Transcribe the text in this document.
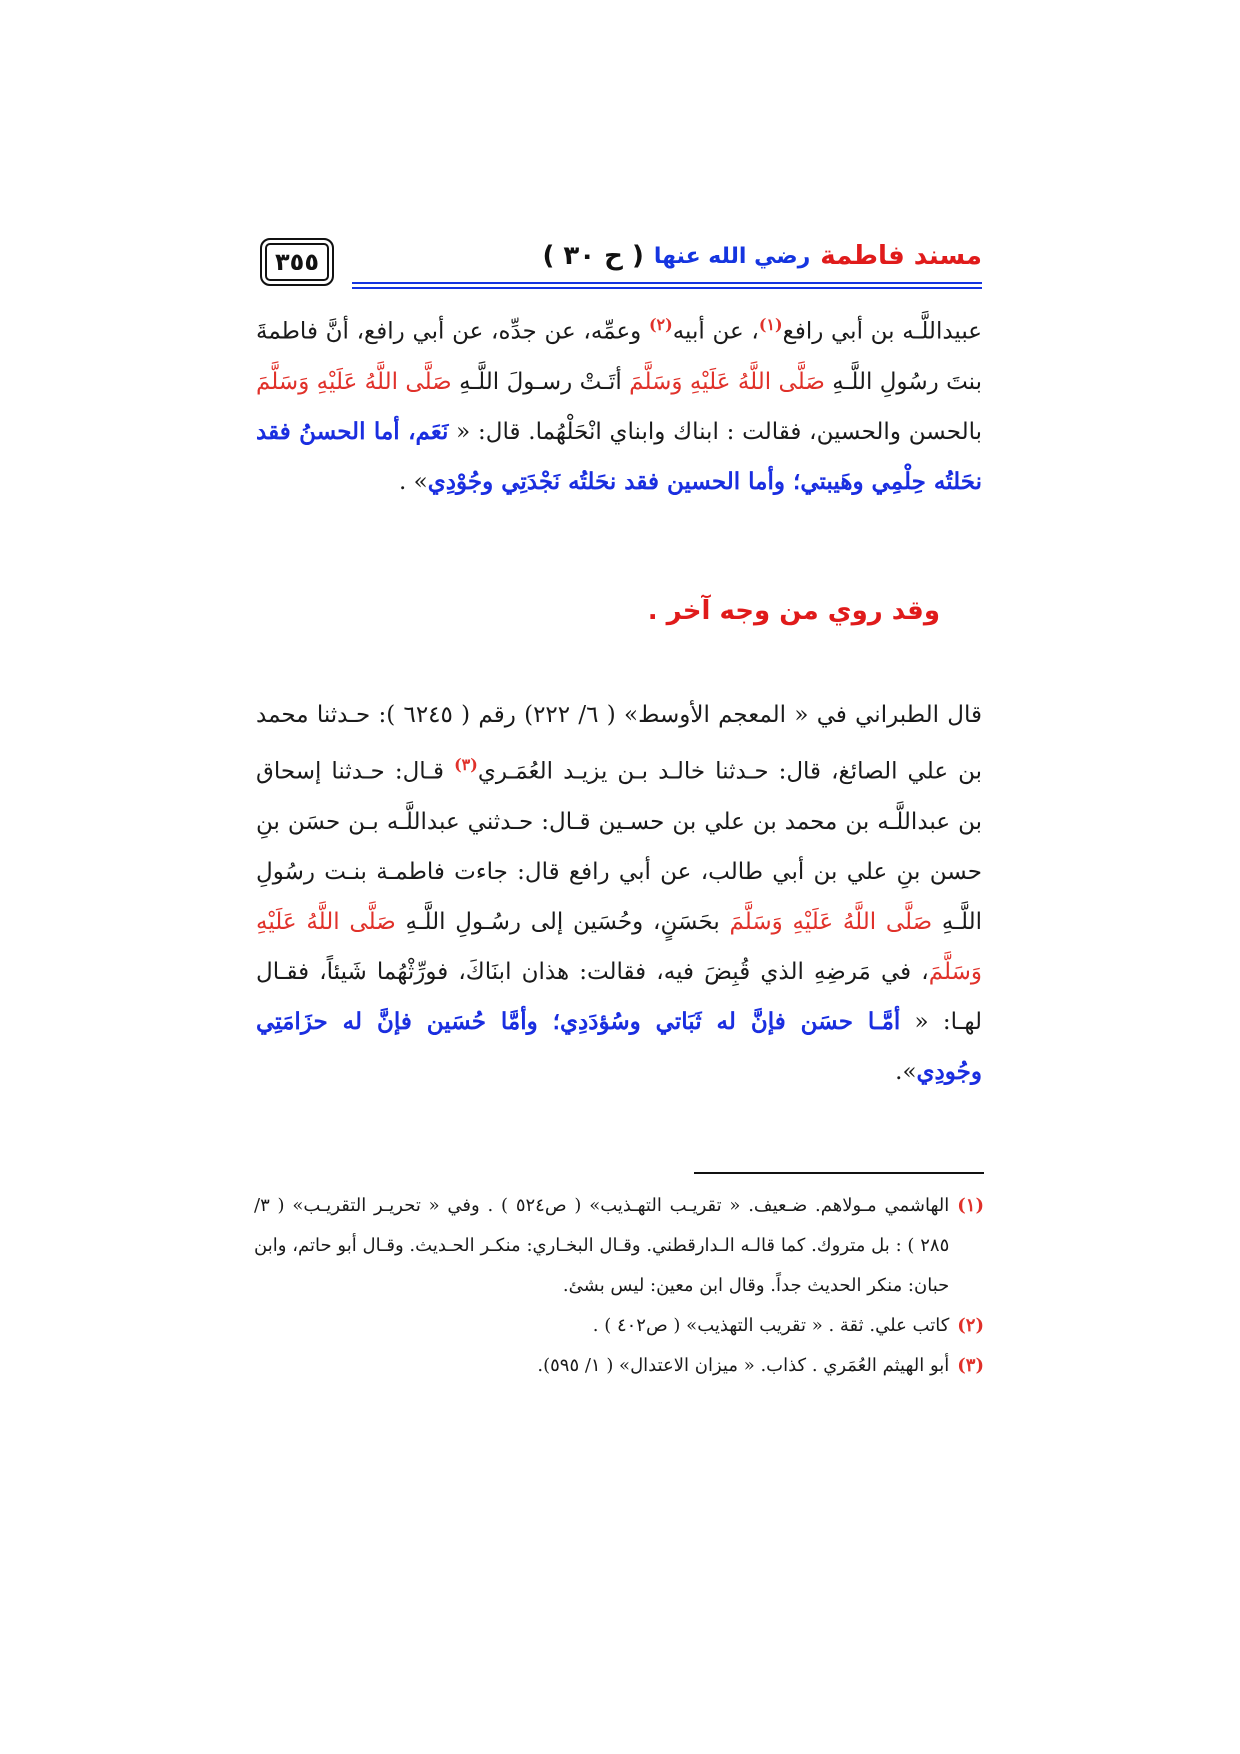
مسند فاطمة
رضي الله عنها
( ح ٣٠ )
٣٥٥
عبيداللَّـه بن أبي رافع$^{(١)}$، عن أبيه$^{(٢)}$ وعمِّه، عن جدِّه، عن أبي رافع، أنَّ فاطمةَ بنتَ رسُولِ اللَّـهِ صَلَّى اللَّهُ عَلَيْهِ وَسَلَّمَ أتَـتْ رسـولَ اللَّـهِ صَلَّى اللَّهُ عَلَيْهِ وَسَلَّمَ بالحسن والحسين، فقالت : ابناك وابناي انْحَلْهُما. قال: « نَعَم، أما الحسنُ فقد نحَلتُه حِلْمِي وهَيبتي؛ وأما الحسين فقد نحَلتُه نَجْدَتِي وجُوْدِي» .
وقد روي من وجه آخر .
قال الطبراني في « المعجم الأوسط» ( ٦/ ٢٢٢) رقم ( ٦٢٤٥ ): حـدثنا محمد بن علي الصائغ، قال: حـدثنا خالـد بـن يزيـد العُمَـري$^{(٣)}$ قـال: حـدثنا إسحاق بن عبداللَّـه بن محمد بن علي بن حسـين قـال: حـدثني عبداللَّـه بـن حسَن بنِ حسن بنِ علي بن أبي طالب، عن أبي رافع قال: جاءت فاطمـة بنـت رسُولِ اللَّـهِ صَلَّى اللَّهُ عَلَيْهِ وَسَلَّمَ بحَسَنٍ، وحُسَين إلى رسُـولِ اللَّـهِ صَلَّى اللَّهُ عَلَيْهِ وَسَلَّمَ، في مَرضِهِ الذي قُبِضَ فيه، فقالت: هذان ابنَاكَ، فورِّثْهُما شَيئاً، فقـال لهـا: « أمَّـا حسَن فإنَّ له ثَبَاتي وسُؤدَدِي؛ وأمَّا حُسَين فإنَّ له حزَامَتِي وجُودِي».
(١)
الهاشمي مـولاهم. ضـعيف. « تقريـب التهـذيب» ( ص٥٢٤ ) . وفي « تحريـر التقريـب» ( ٣/ ٢٨٥ ) : بل متروك. كما قالـه الـدارقطني. وقـال البخـاري: منكـر الحـديث. وقـال أبو حاتم، وابن حبان: منكر الحديث جداً. وقال ابن معين: ليس بشئ.
(٢)
كاتب علي. ثقة . « تقريب التهذيب» ( ص٤٠٢ ) .
(٣)
أبو الهيثم العُمَري . كذاب. « ميزان الاعتدال» ( ١/ ٥٩٥).
